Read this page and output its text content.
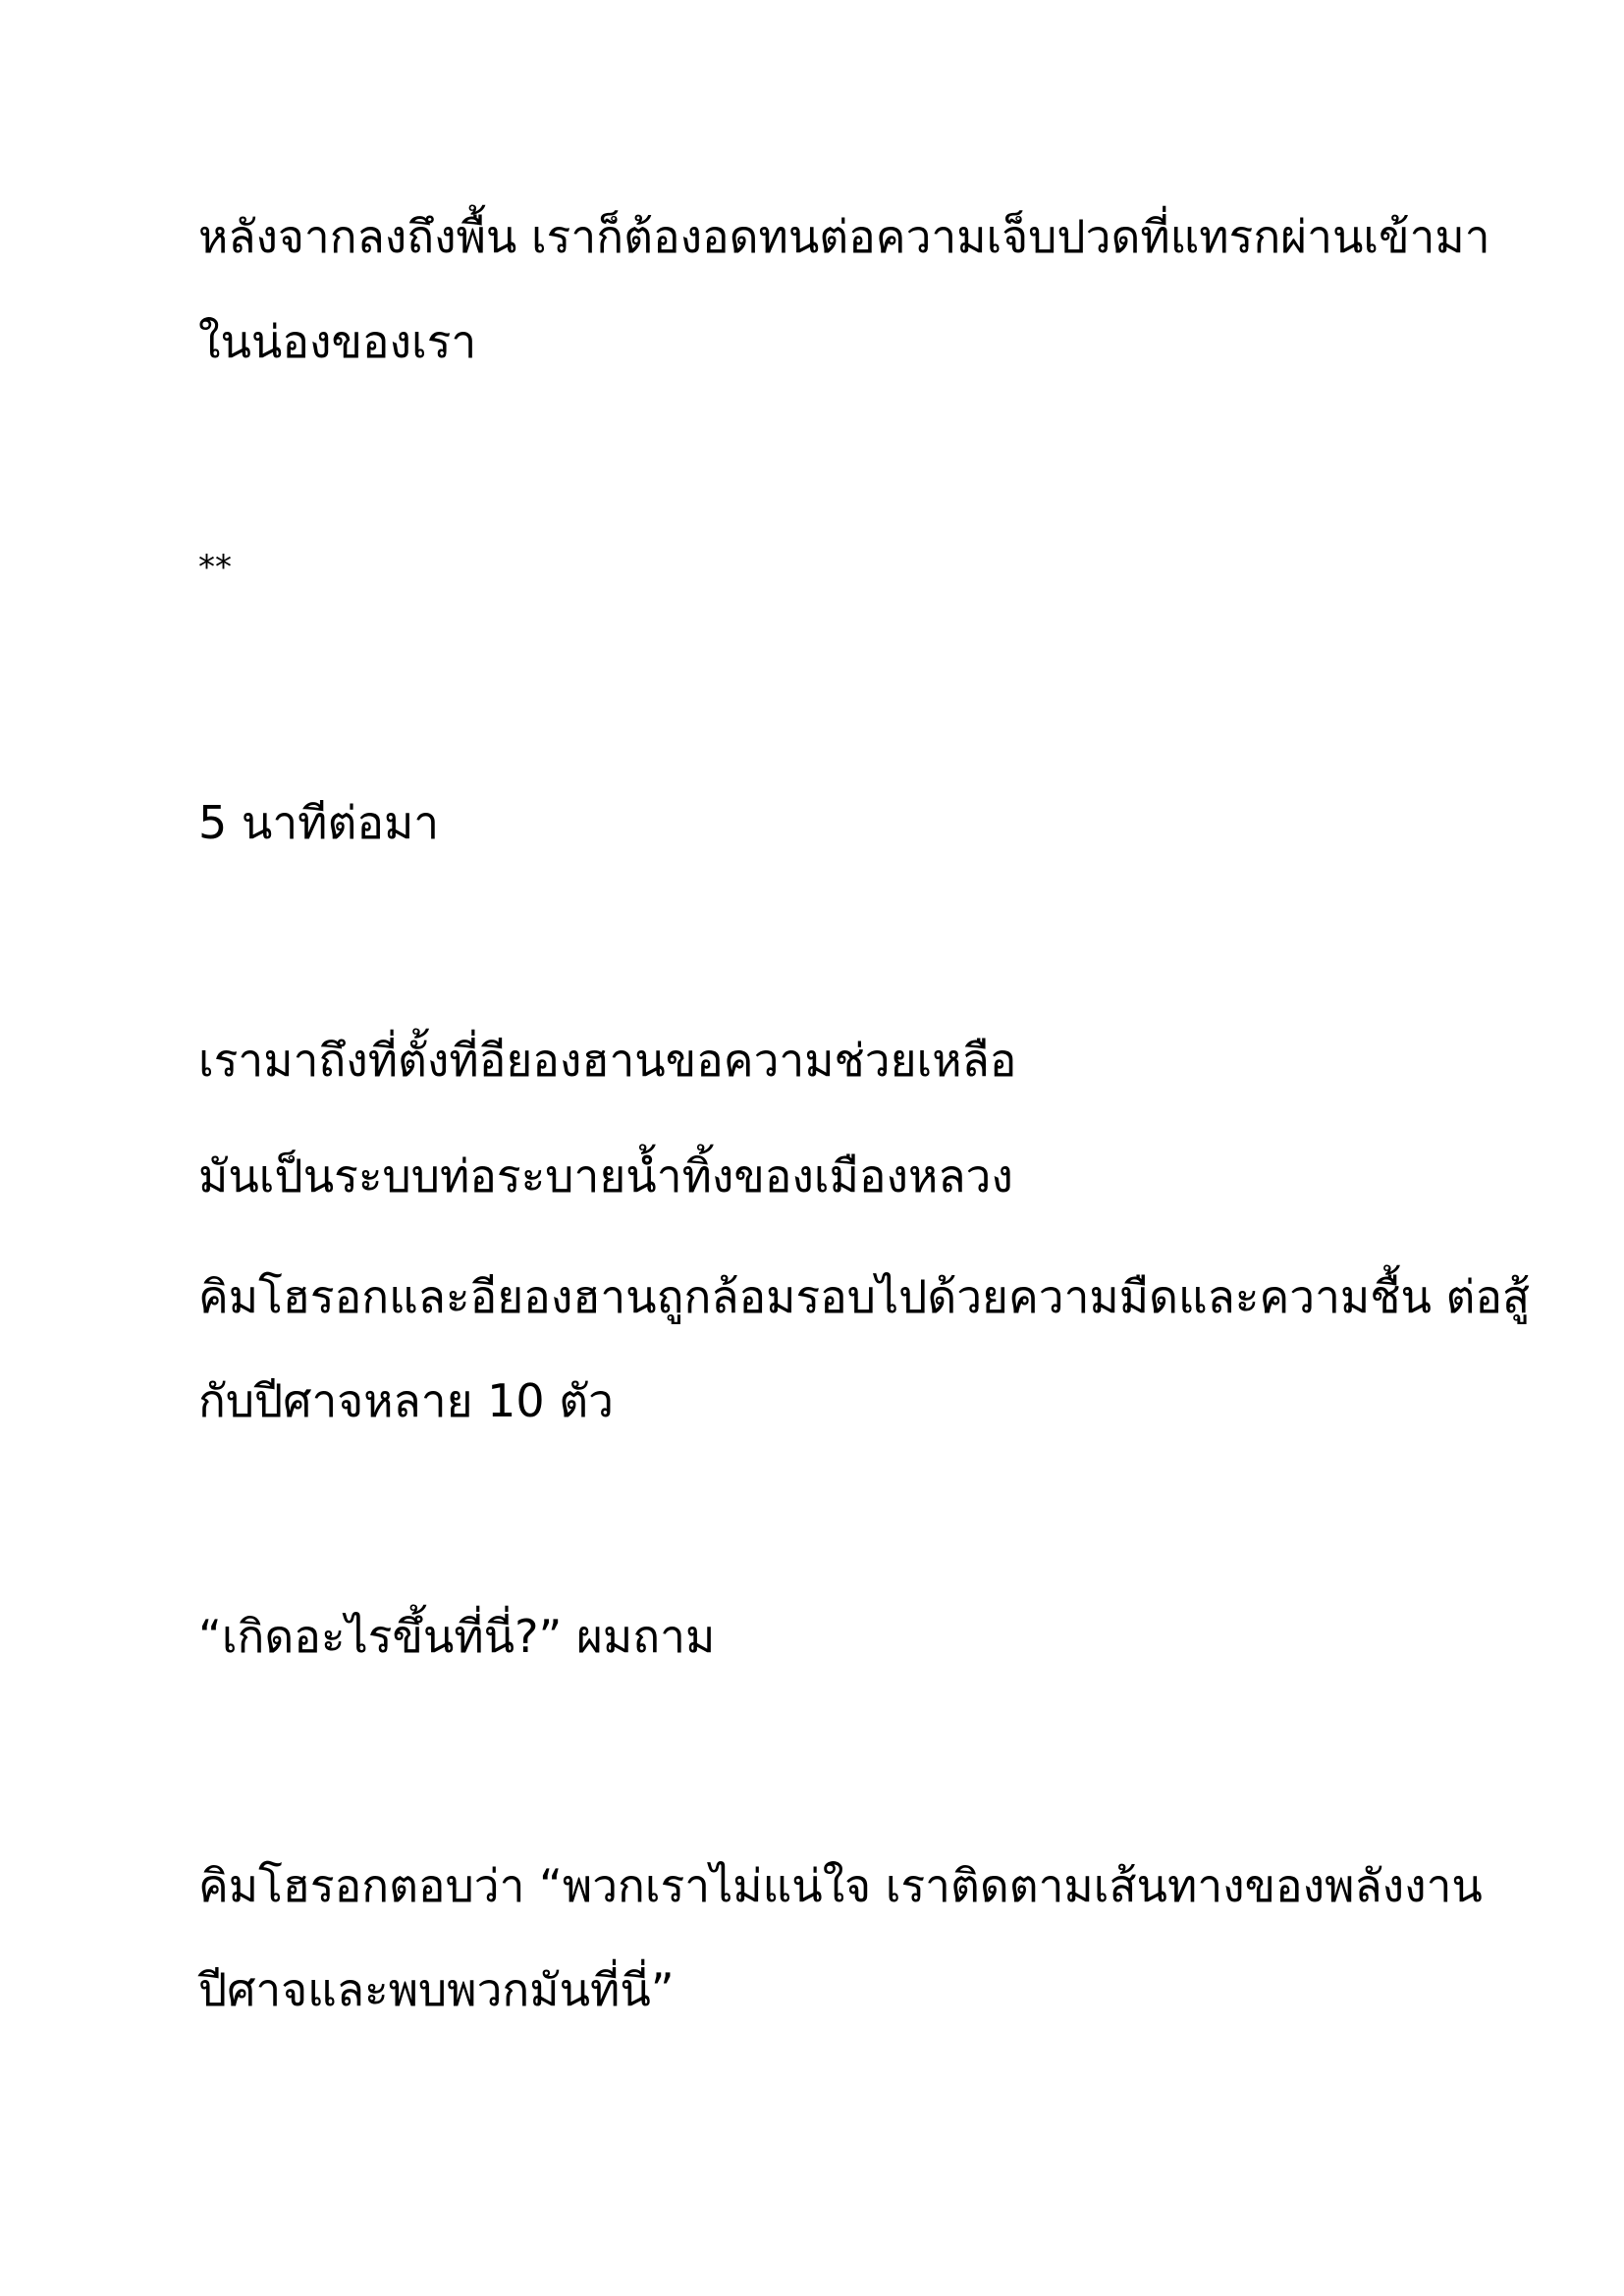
หลังจากลงถึงพื้น เราก็ต้องอดทนต่อความเจ็บปวดที่แทรกผ่านเข้ามา

ในน่องของเรา

**

5 นาทีต่อมา

เรามาถึงที่ตั้งที่อียองฮานขอความช่วยเหลือ

มันเป็นระบบท่อระบายน้ำทิ้งของเมืองหลวง

คิมโฮรอกและอียองฮานถูกล้อมรอบไปด้วยความมืดและความชื้น ต่อสู้

กับปีศาจหลาย 10 ตัว

“เกิดอะไรขึ้นที่นี่?” ผมถาม

คิมโฮรอกตอบว่า “พวกเราไม่แน่ใจ เราติดตามเส้นทางของพลังงาน

ปีศาจและพบพวกมันที่นี่”
